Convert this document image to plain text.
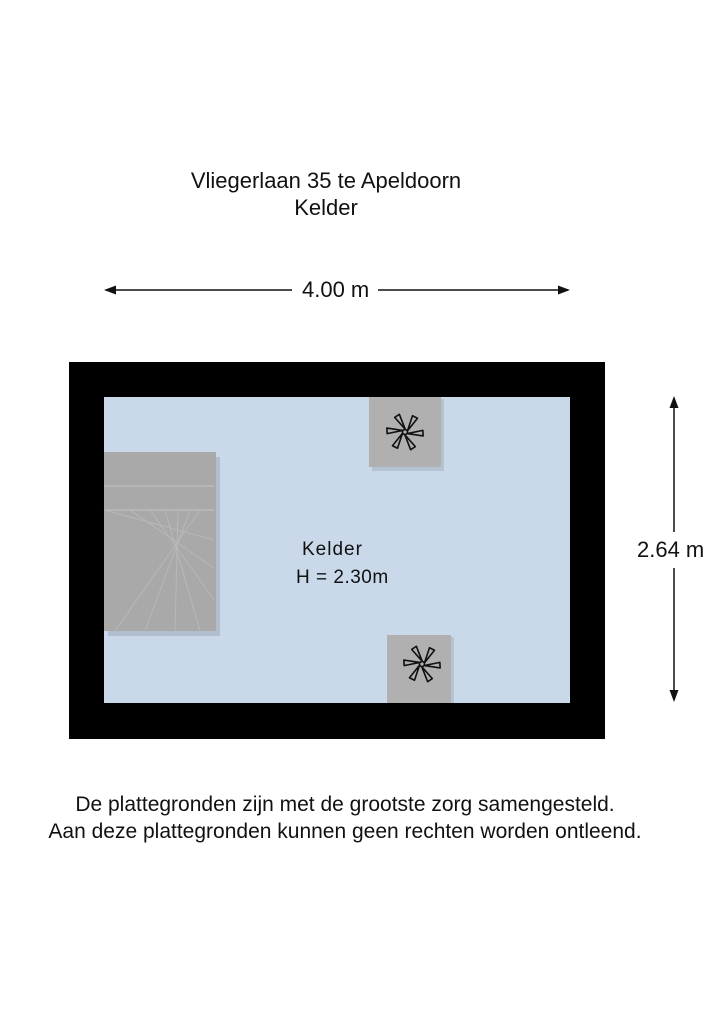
Vliegerlaan 35 te Apeldoorn
Kelder
4.00 m
2.64 m
Kelder
H = 2.30m
De plattegronden zijn met de grootste zorg samengesteld.
Aan deze plattegronden kunnen geen rechten worden ontleend.
